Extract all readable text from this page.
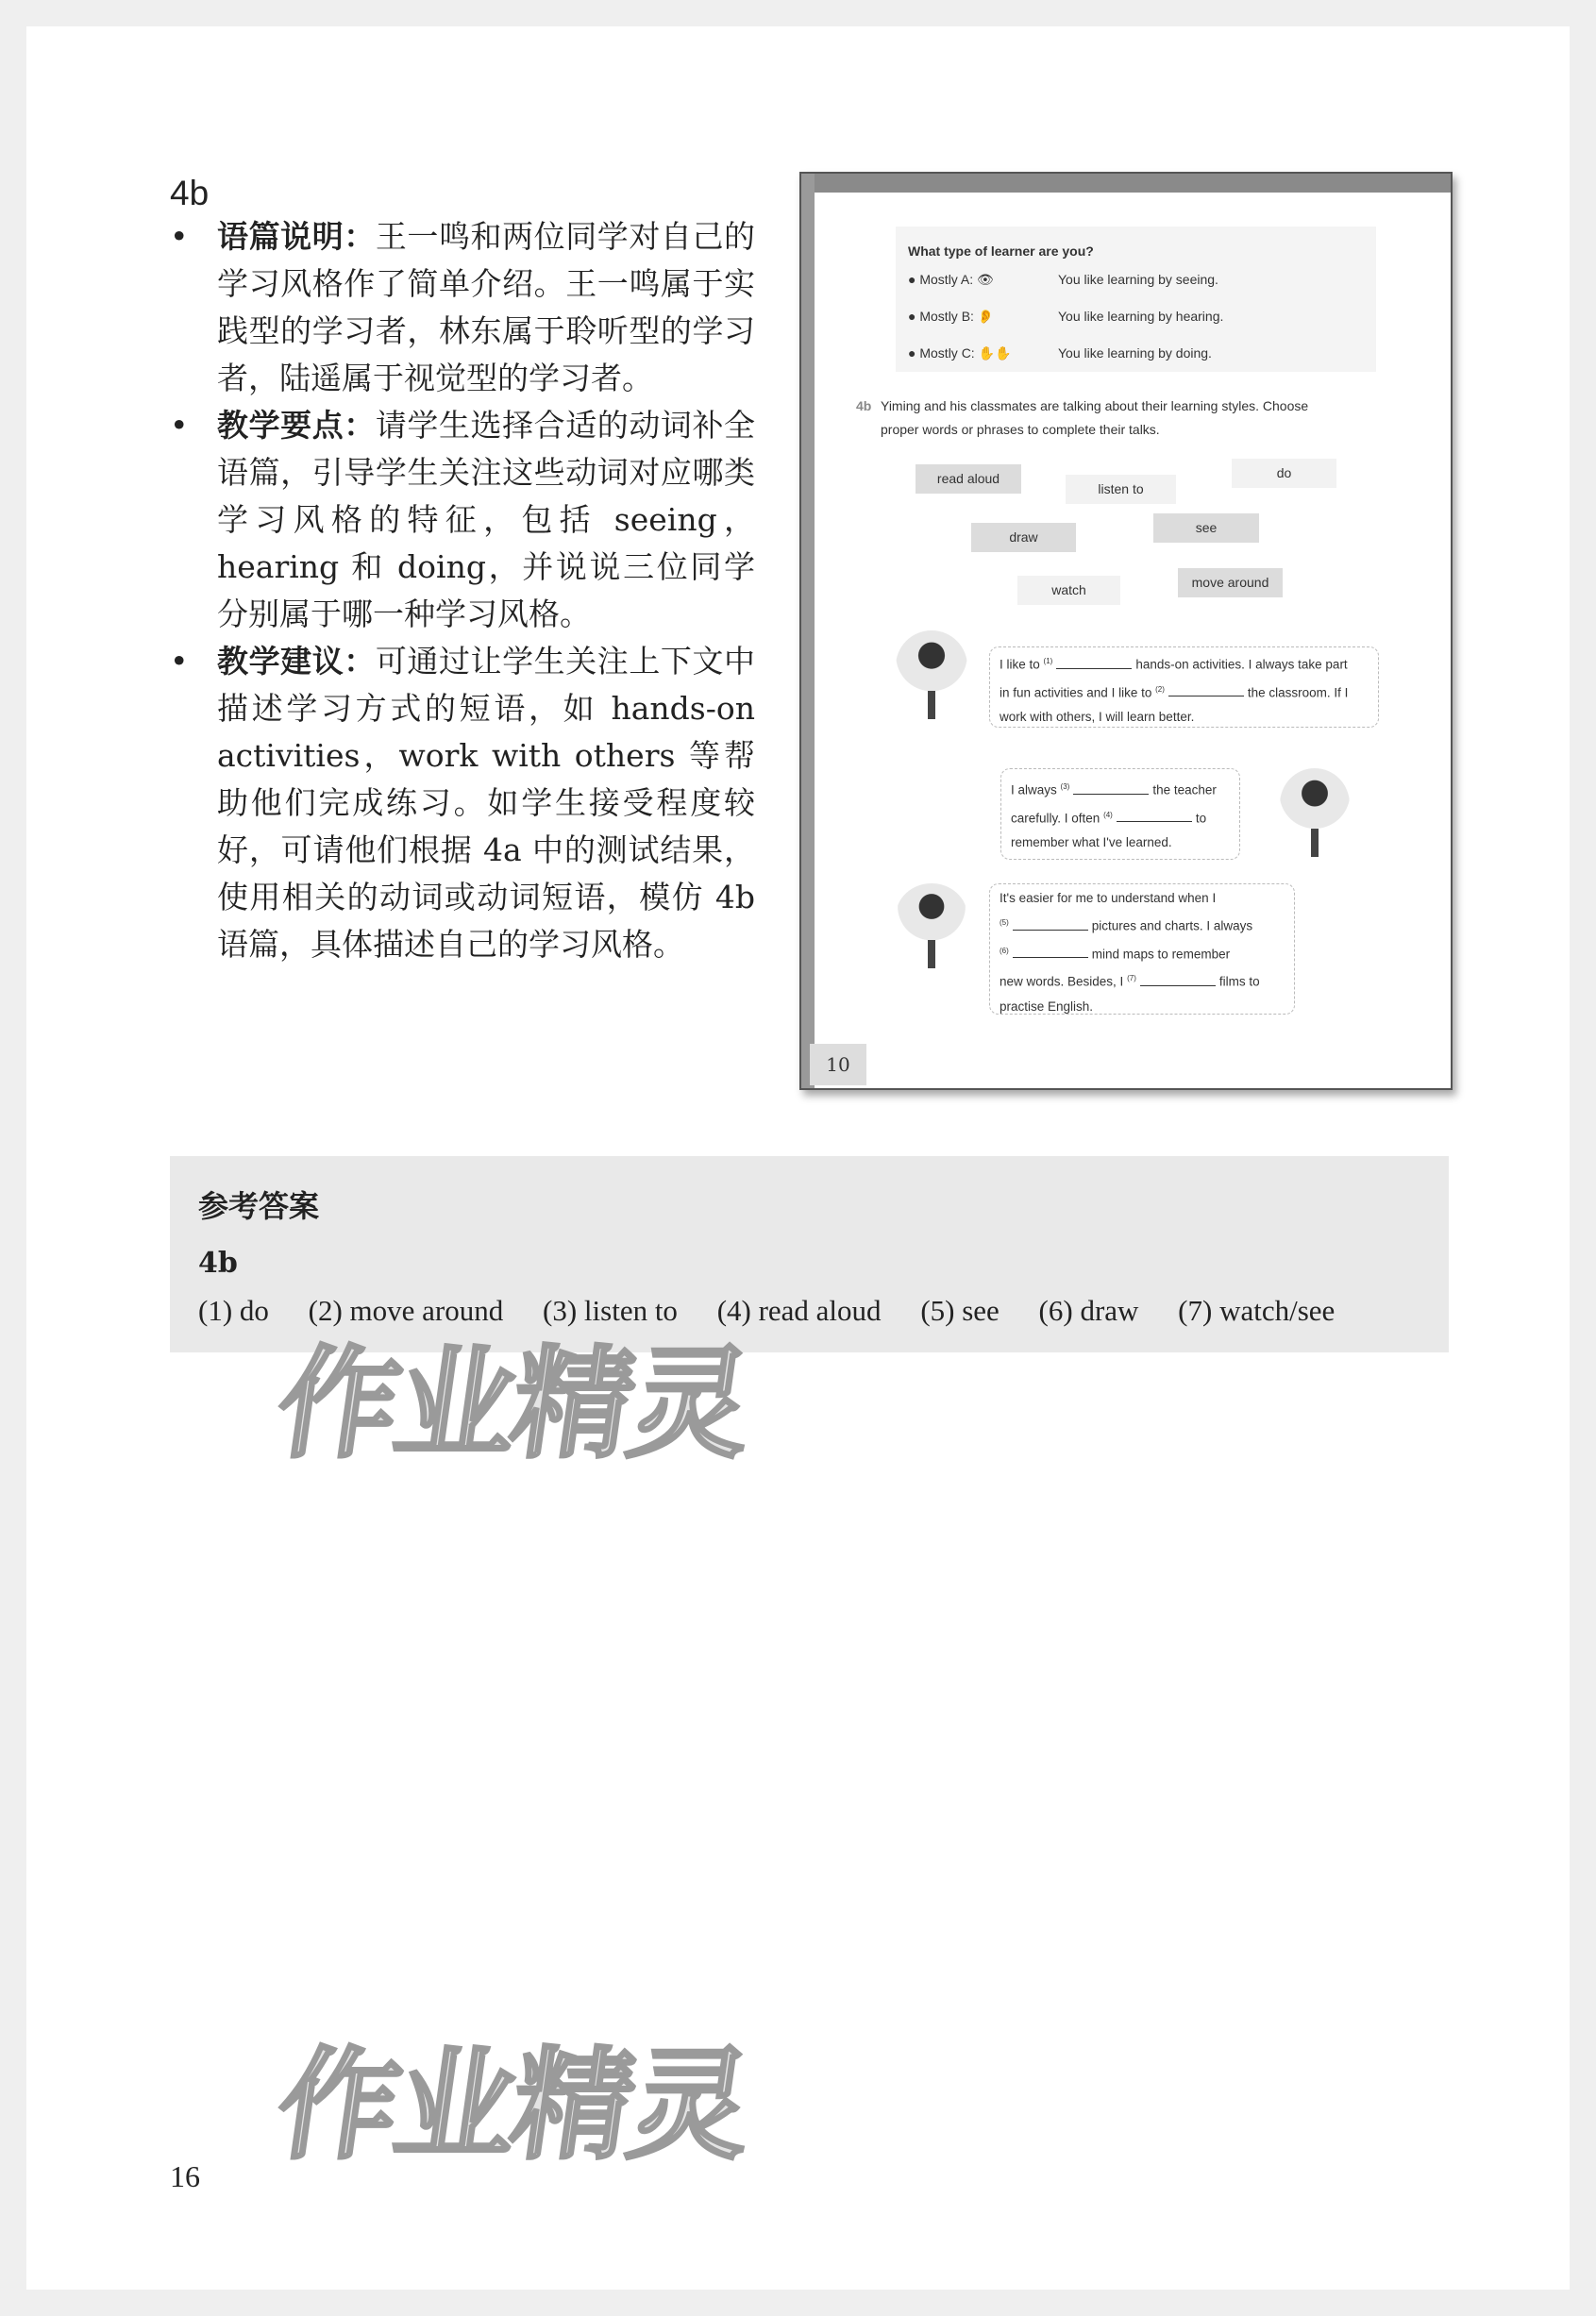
4b
• 语篇说明：王一鸣和两位同学对自己的学习风格作了简单介绍。王一鸣属于实践型的学习者，林东属于聆听型的学习者，陆遥属于视觉型的学习者。
• 教学要点：请学生选择合适的动词补全语篇，引导学生关注这些动词对应哪类学习风格的特征，包括 seeing，hearing 和 doing，并说说三位同学分别属于哪一种学习风格。
• 教学建议：可通过让学生关注上下文中描述学习方式的短语，如 hands-on activities，work with others 等帮助他们完成练习。如学生接受程度较好，可请他们根据 4a 中的测试结果，使用相关的动词或动词短语，模仿 4b 语篇，具体描述自己的学习风格。
What type of learner are you?
● Mostly A: 👁	You like learning by seeing.
● Mostly B: 👂	You like learning by hearing.
● Mostly C: ✋✋	You like learning by doing.
4b Yiming and his classmates are talking about their learning styles. Choose
proper words or phrases to complete their talks.
read aloud
listen to
do
draw
see
watch	move around
I like to $^{(1)}$	hands-on activities. I always take part
in fun activities and I like to $^{(2)}$	the classroom. If I
work with others, I will learn better.
I always $^{(3)}$	the teacher
carefully. I often $^{(4)}$	to
remember what I've learned.
It's easier for me to understand when I
$^{(5)}$	pictures and charts. I always
$^{(6)}$	mind maps to remember
new words. Besides, I $^{(7)}$	films to
practise English.
10
参考答案
4b
(1) do (2) move around (3) listen to (4) read aloud (5) see (6) draw (7) watch/see
作业精灵
作业精灵
16
